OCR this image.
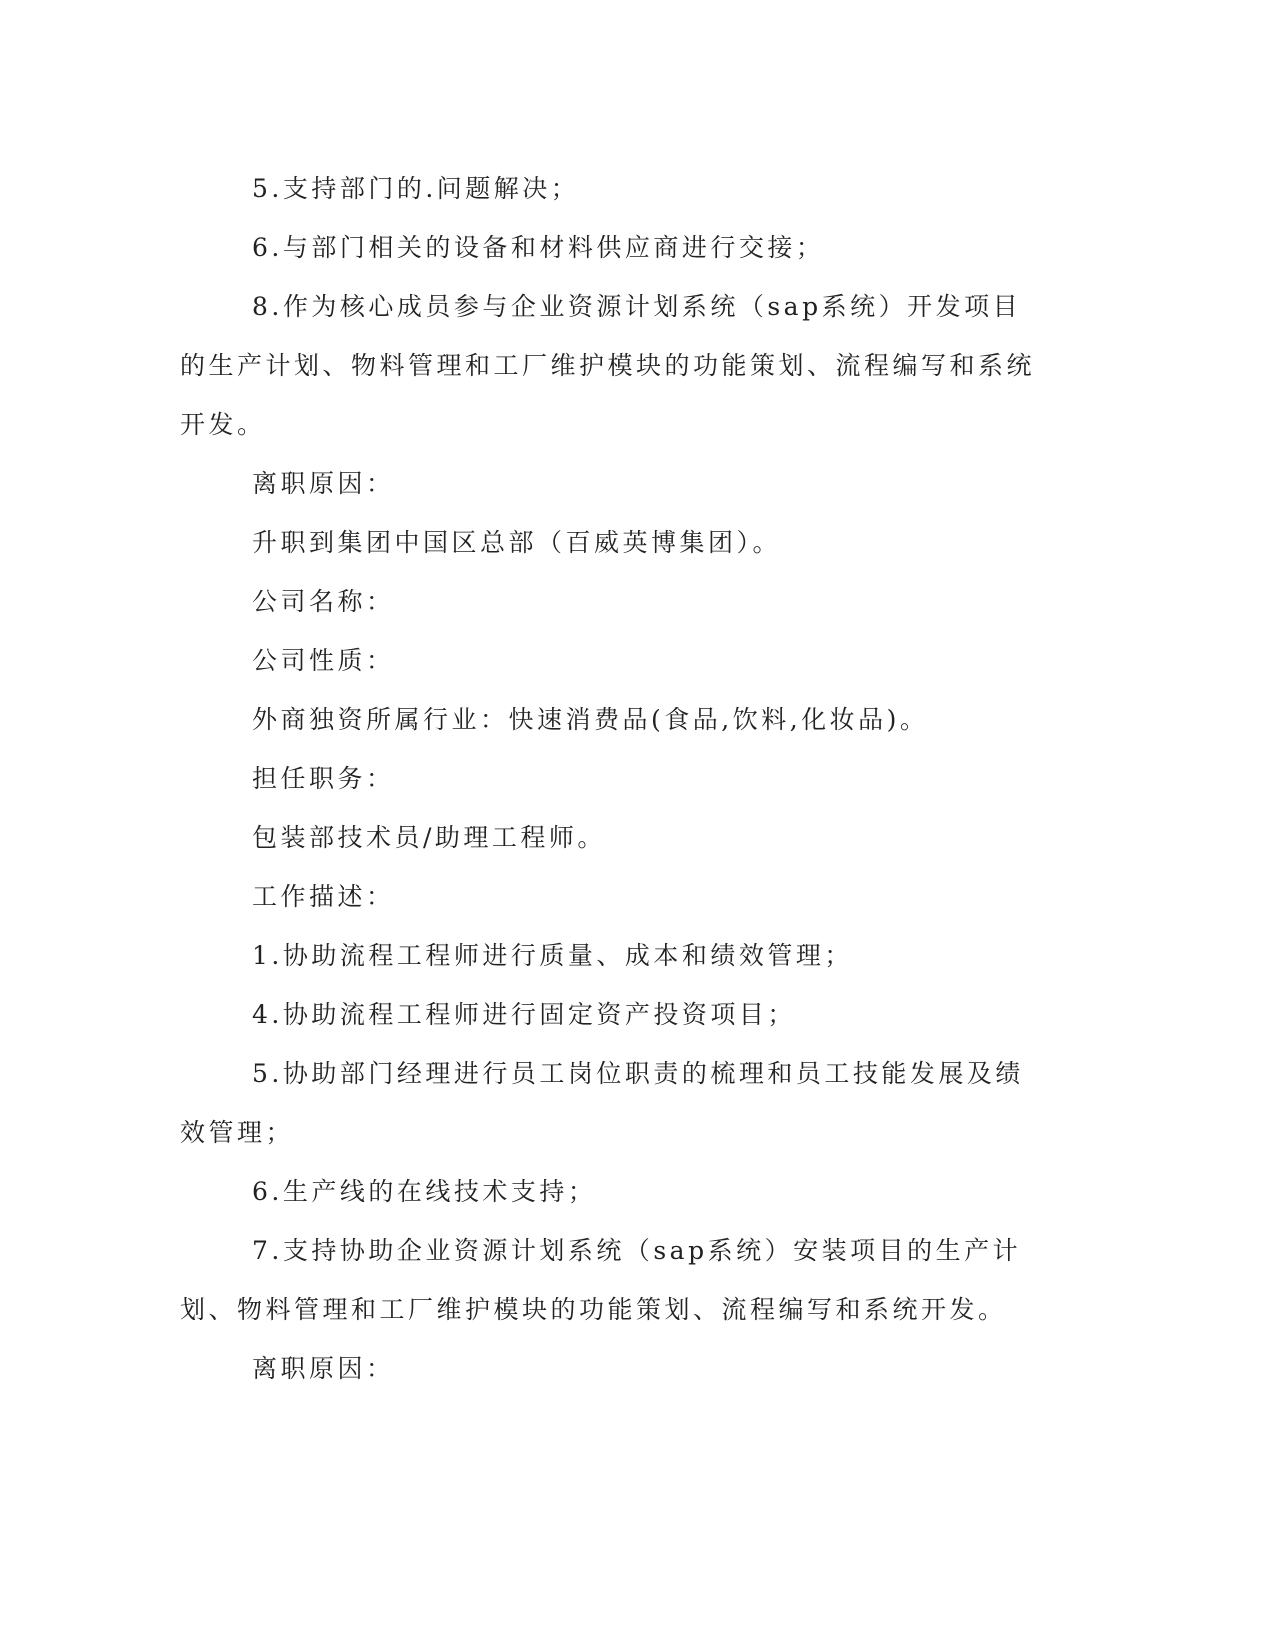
5.支持部门的.问题解决；

6.与部门相关的设备和材料供应商进行交接；

8.作为核心成员参与企业资源计划系统（sap系统）开发项目的生产计划、物料管理和工厂维护模块的功能策划、流程编写和系统开发。

离职原因：

升职到集团中国区总部（百威英博集团）。

公司名称：

公司性质：

外商独资所属行业：快速消费品(食品,饮料,化妆品)。

担任职务：

包装部技术员/助理工程师。

工作描述：

1.协助流程工程师进行质量、成本和绩效管理；

4.协助流程工程师进行固定资产投资项目；

5.协助部门经理进行员工岗位职责的梳理和员工技能发展及绩效管理；

6.生产线的在线技术支持；

7.支持协助企业资源计划系统（sap系统）安装项目的生产计划、物料管理和工厂维护模块的功能策划、流程编写和系统开发。

离职原因：
